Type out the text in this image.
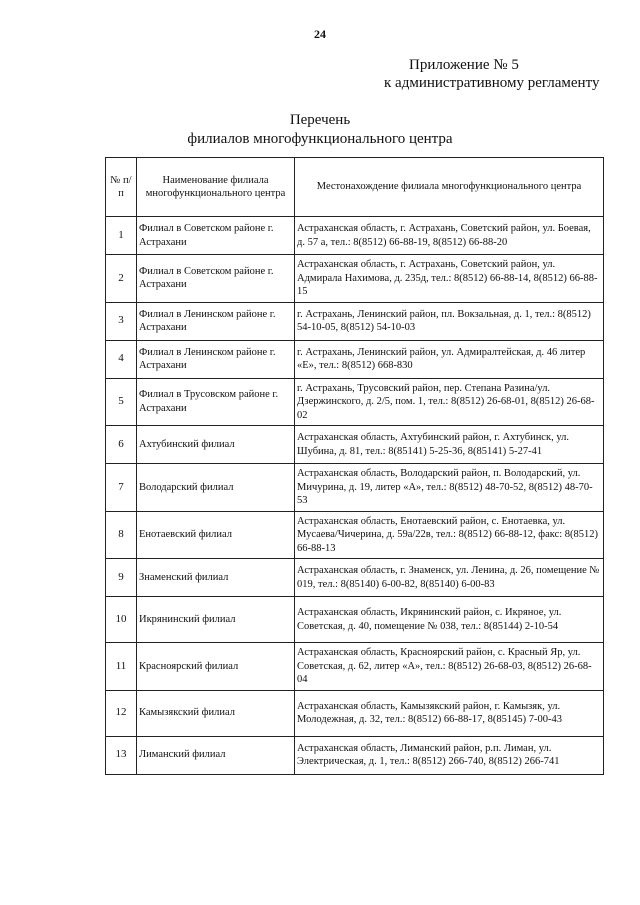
24
Приложение № 5
к административному регламенту
Перечень
филиалов многофункционального центра
№ п/п	Наименование филиала многофункционального центра	Местонахождение филиала многофункционального центра
1	Филиал в Советском районе г. Астрахани	Астраханская область, г. Астрахань, Советский район, ул. Боевая, д. 57 а, тел.: 8(8512) 66-88-19, 8(8512) 66-88-20
2	Филиал в Советском районе г. Астрахани	Астраханская область, г. Астрахань, Советский район, ул. Адмирала Нахимова, д. 235д, тел.: 8(8512) 66-88-14, 8(8512) 66-88-15
3	Филиал в Ленинском районе г. Астрахани	г. Астрахань, Ленинский район, пл. Вокзальная, д. 1, тел.: 8(8512) 54-10-05, 8(8512) 54-10-03
4	Филиал в Ленинском районе г. Астрахани	г. Астрахань, Ленинский район, ул. Адмиралтейская, д. 46 литер «Е», тел.: 8(8512) 668-830
5	Филиал в Трусовском районе г. Астрахани	г. Астрахань, Трусовский район, пер. Степана Разина/ул. Дзержинского, д. 2/5, пом. 1, тел.: 8(8512) 26-68-01, 8(8512) 26-68-02
6	Ахтубинский филиал	Астраханская область, Ахтубинский район, г. Ахтубинск, ул. Шубина, д. 81, тел.: 8(85141) 5-25-36, 8(85141) 5-27-41
7	Володарский филиал	Астраханская область, Володарский район, п. Володарский, ул. Мичурина, д. 19, литер «А», тел.: 8(8512) 48-70-52, 8(8512) 48-70-53
8	Енотаевский филиал	Астраханская область, Енотаевский район, с. Енотаевка, ул. Мусаева/Чичерина, д. 59а/22в, тел.: 8(8512) 66-88-12, факс: 8(8512) 66-88-13
9	Знаменский филиал	Астраханская область, г. Знаменск, ул. Ленина, д. 26, помещение № 019, тел.: 8(85140) 6-00-82, 8(85140) 6-00-83
10	Икрянинский филиал	Астраханская область, Икрянинский район, с. Икряное, ул. Советская, д. 40, помещение № 038, тел.: 8(85144) 2-10-54
11	Красноярский филиал	Астраханская область, Красноярский район, с. Красный Яр, ул. Советская, д. 62, литер «А», тел.: 8(8512) 26-68-03, 8(8512) 26-68-04
12	Камызякский филиал	Астраханская область, Камызякский район, г. Камызяк, ул. Молодежная, д. 32, тел.: 8(8512) 66-88-17, 8(85145) 7-00-43
13	Лиманский филиал	Астраханская область, Лиманский район, р.п. Лиман, ул. Электрическая, д. 1, тел.: 8(8512) 266-740, 8(8512) 266-741
